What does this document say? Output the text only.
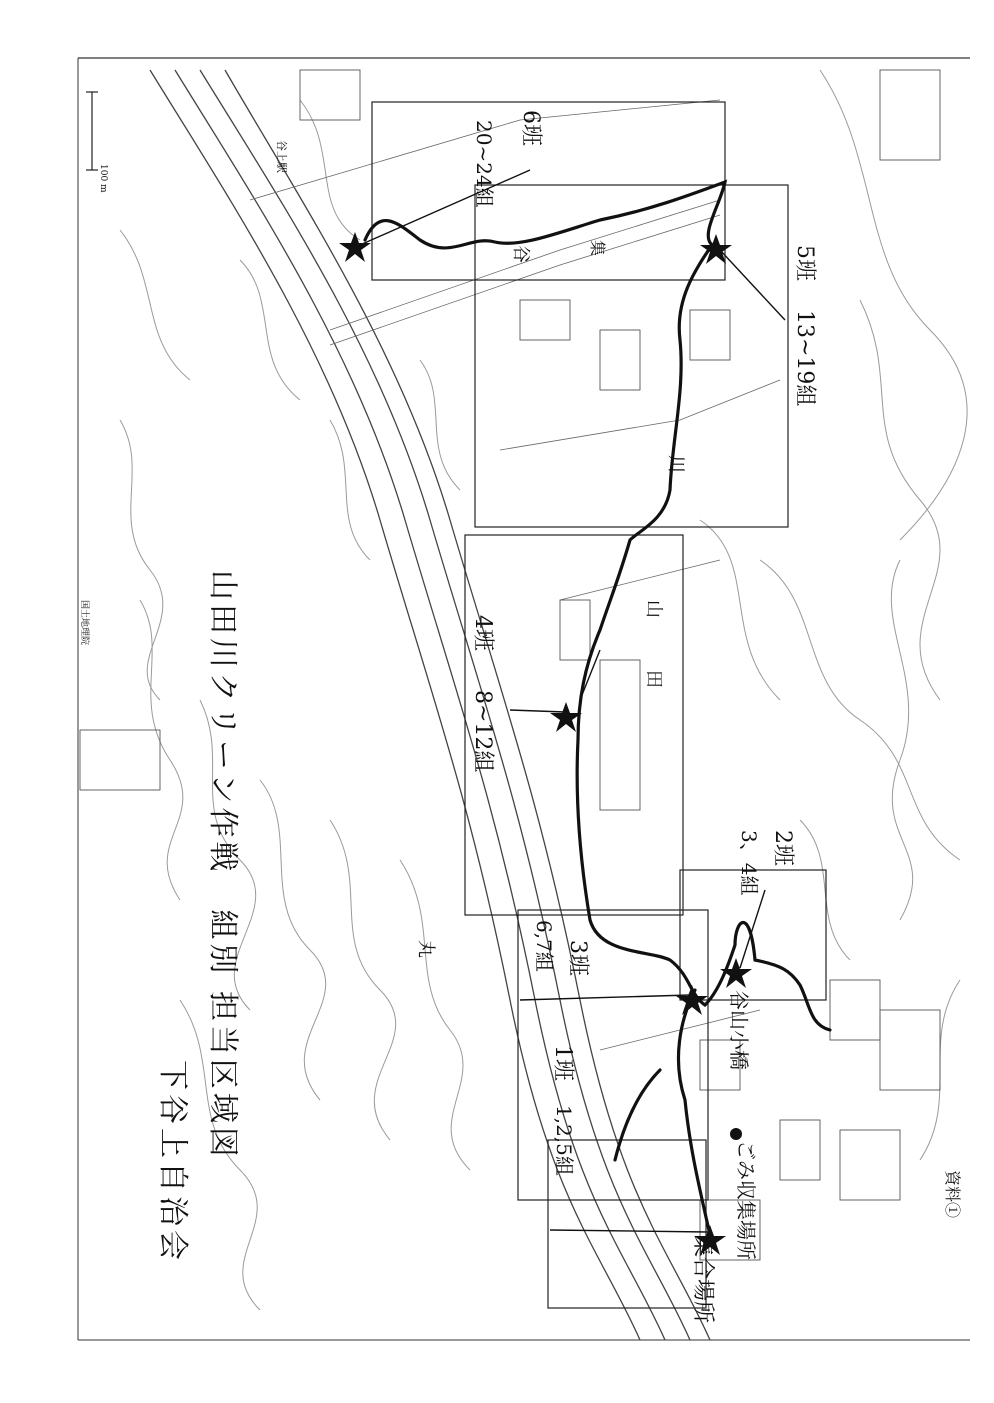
山田川クリーン作戦　組別 担当区域図
下谷上自治会	資料①
100 m
国土地理院
6班
20~24組
5班
13~19組
4班
8~12組
2班
3、4組
3班
6,7組
1班
1,2,5組
集合場所
ごみ収集場所
谷山小橋
谷上駅
山
田
川
谷	集
丸
